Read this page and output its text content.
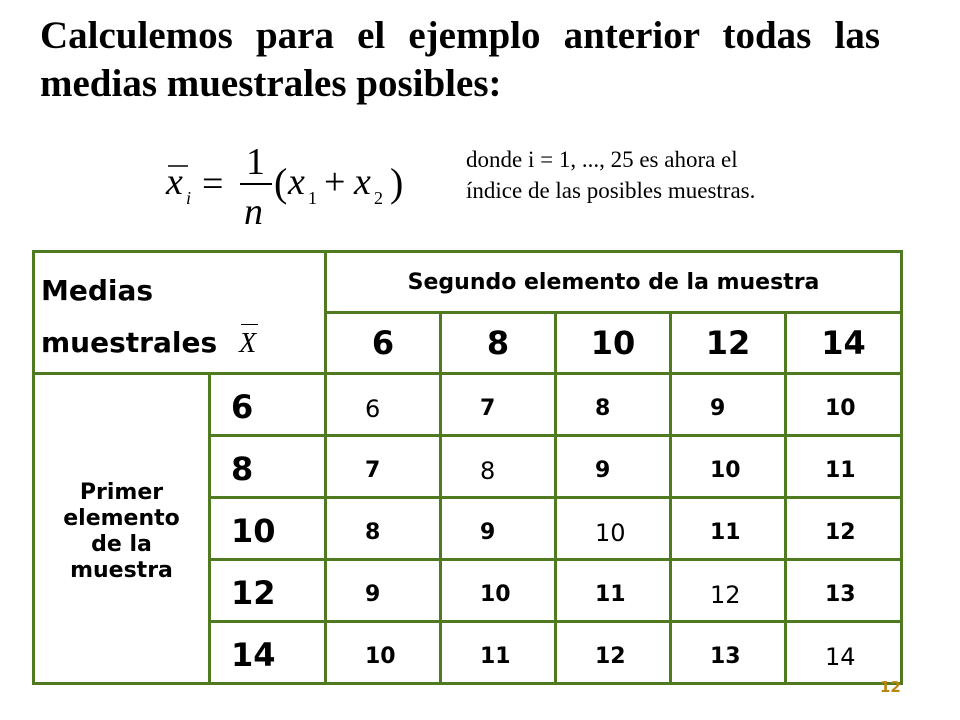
Calculemos para el ejemplo anterior todas las
medias muestrales posibles:
x i =
1
n
( x 1 + x 2 )
donde i = 1, ..., 25 es ahora el
índice de las posibles muestras.
Medias
muestrales X		Segundo elemento de la muestra				
		6	8	10	12	14

Primer
elemento
de la
muestra	6	6	7	8	9	10
	8	7	8	9	10	11
	10	8	9	10	11	12
	12	9	10	11	12	13
	14	10	11	12	13	14
12
